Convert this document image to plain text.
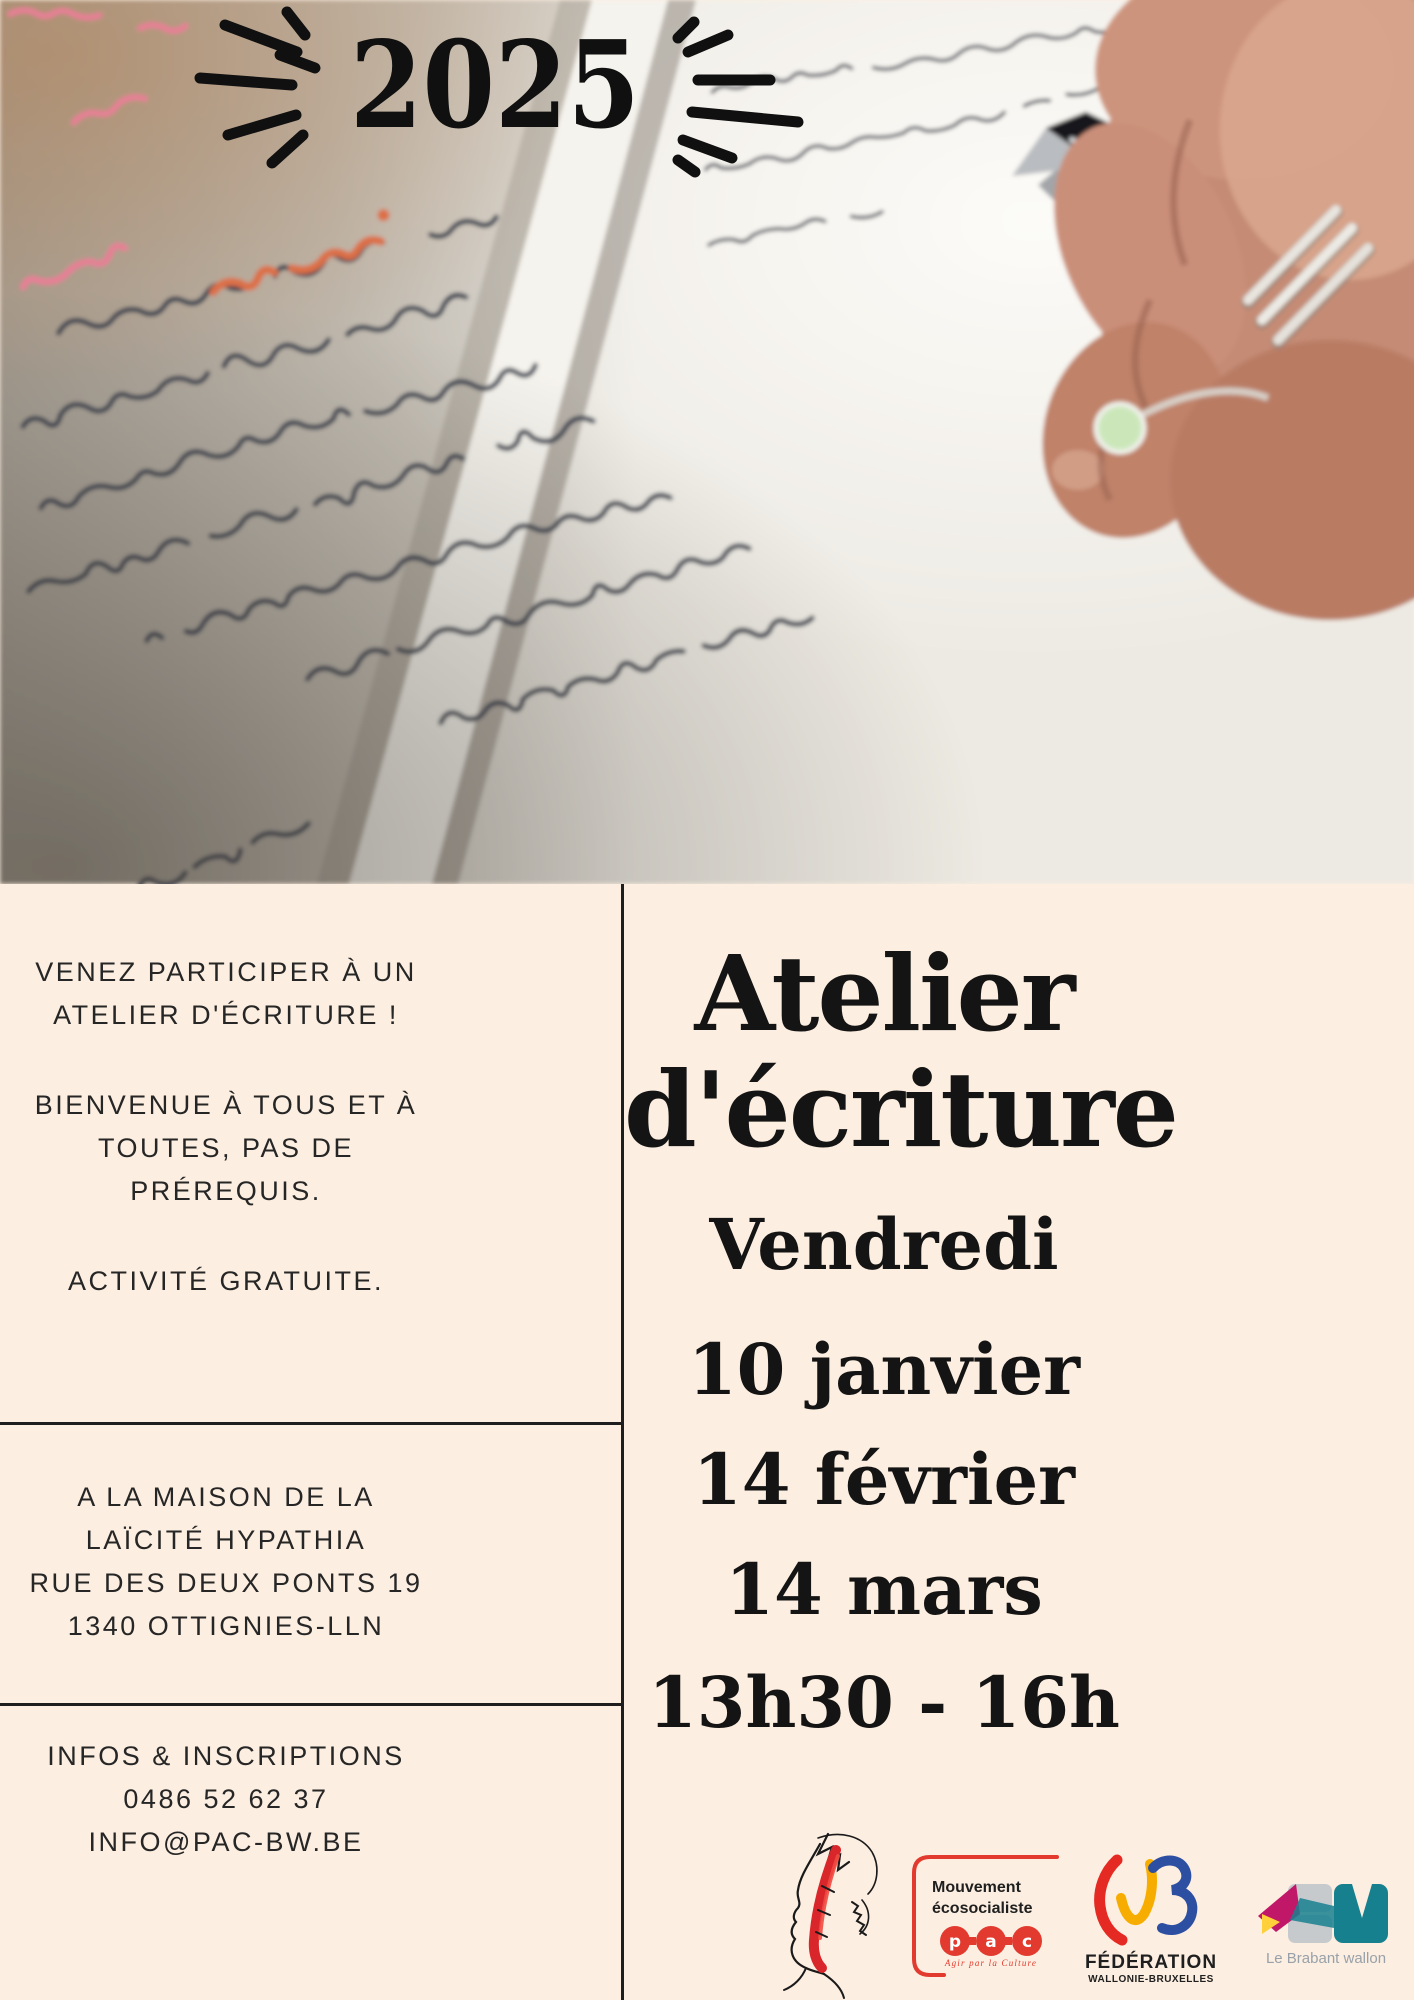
2025
VENEZ PARTICIPER À UN
ATELIER D'ÉCRITURE !
BIENVENUE À TOUS ET À
TOUTES, PAS DE
PRÉREQUIS.
ACTIVITÉ GRATUITE.
A LA MAISON DE LA
LAÏCITÉ HYPATHIA
RUE DES DEUX PONTS 19
1340 OTTIGNIES-LLN
INFOS & INSCRIPTIONS
0486 52 62 37
INFO@PAC-BW.BE
Atelier
d'écriture
Vendredi
10 janvier
14 février
14 mars
13h30 - 16h
Mouvement
écosocialiste
p a c
Agir par la Culture	FÉDÉRATION
WALLONIE-BRUXELLES
Le Brabant wallon
